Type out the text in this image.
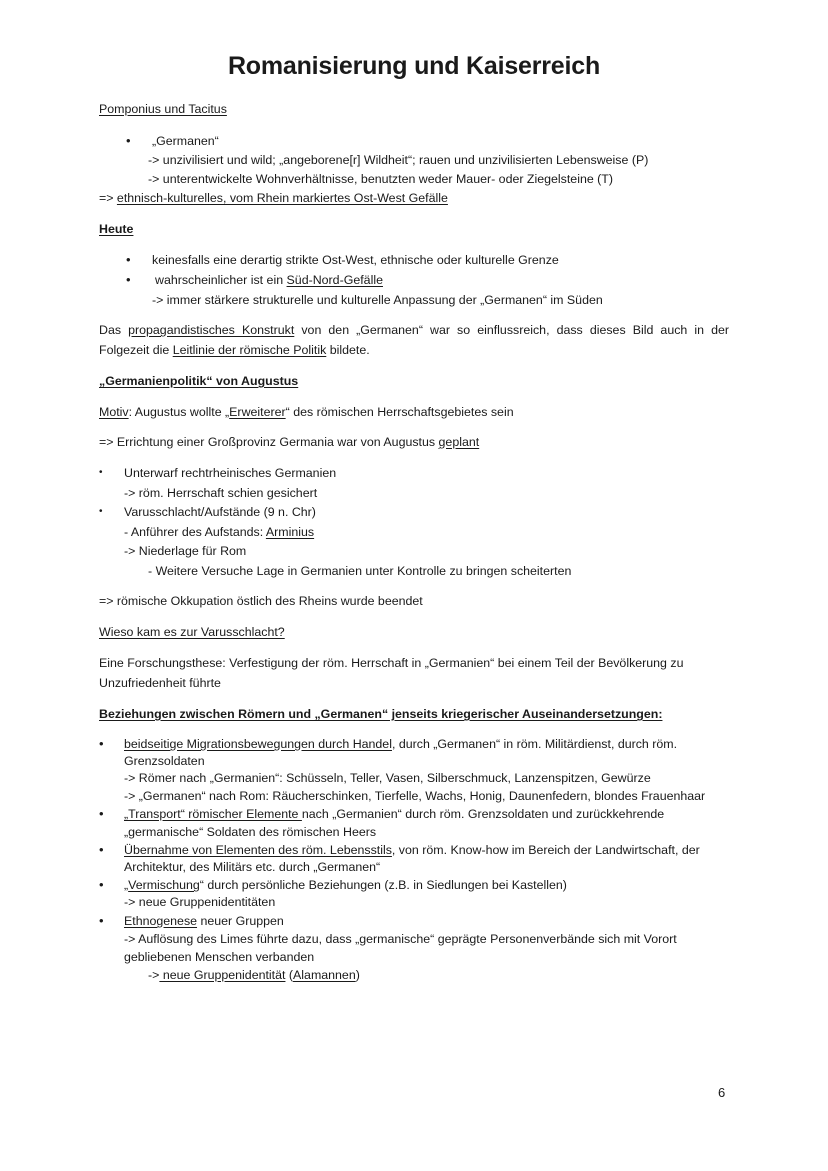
Romanisierung und Kaiserreich
Pomponius und Tacitus
• „Germanen“
-> unzivilisiert und wild; „angeborene[r] Wildheit“; rauen und unzivilisierten Lebensweise (P)
-> unterentwickelte Wohnverhältnisse, benutzten weder Mauer- oder Ziegelsteine (T)
=> ethnisch-kulturelles, vom Rhein markiertes Ost-West Gefälle
Heute
• keinesfalls eine derartig strikte Ost-West, ethnische oder kulturelle Grenze
• wahrscheinlicher ist ein Süd-Nord-Gefälle
-> immer stärkere strukturelle und kulturelle Anpassung der „Germanen“ im Süden
Das propagandistisches Konstrukt von den „Germanen“ war so einflussreich, dass dieses Bild auch in der
Folgezeit die Leitlinie der römische Politik bildete.
„Germanienpolitik“ von Augustus
Motiv: Augustus wollte „Erweiterer“ des römischen Herrschaftsgebietes sein
=> Errichtung einer Großprovinz Germania war von Augustus geplant
• Unterwarf rechtrheinisches Germanien
-> röm. Herrschaft schien gesichert
• Varusschlacht/Aufstände (9 n. Chr)
- Anführer des Aufstands: Arminius
-> Niederlage für Rom
- Weitere Versuche Lage in Germanien unter Kontrolle zu bringen scheiterten
=> römische Okkupation östlich des Rheins wurde beendet
Wieso kam es zur Varusschlacht?
Eine Forschungsthese: Verfestigung der röm. Herrschaft in „Germanien“ bei einem Teil der Bevölkerung zu
Unzufriedenheit führte
Beziehungen zwischen Römern und „Germanen“ jenseits kriegerischer Auseinandersetzungen:
• beidseitige Migrationsbewegungen durch Handel, durch „Germanen“ in röm. Militärdienst, durch röm.
Grenzsoldaten
-> Römer nach „Germanien“: Schüsseln, Teller, Vasen, Silberschmuck, Lanzenspitzen, Gewürze
-> „Germanen“ nach Rom: Räucherschinken, Tierfelle, Wachs, Honig, Daunenfedern, blondes Frauenhaar
• „Transport“ römischer Elemente nach „Germanien“ durch röm. Grenzsoldaten und zurückkehrende
„germanische“ Soldaten des römischen Heers
• Übernahme von Elementen des röm. Lebensstils, von röm. Know-how im Bereich der Landwirtschaft, der
Architektur, des Militärs etc. durch „Germanen“
• „Vermischung“ durch persönliche Beziehungen (z.B. in Siedlungen bei Kastellen)
-> neue Gruppenidentitäten
• Ethnogenese neuer Gruppen
-> Auflösung des Limes führte dazu, dass „germanische“ geprägte Personenverbände sich mit Vorort
gebliebenen Menschen verbanden
-> neue Gruppenidentität (Alamannen)
6
